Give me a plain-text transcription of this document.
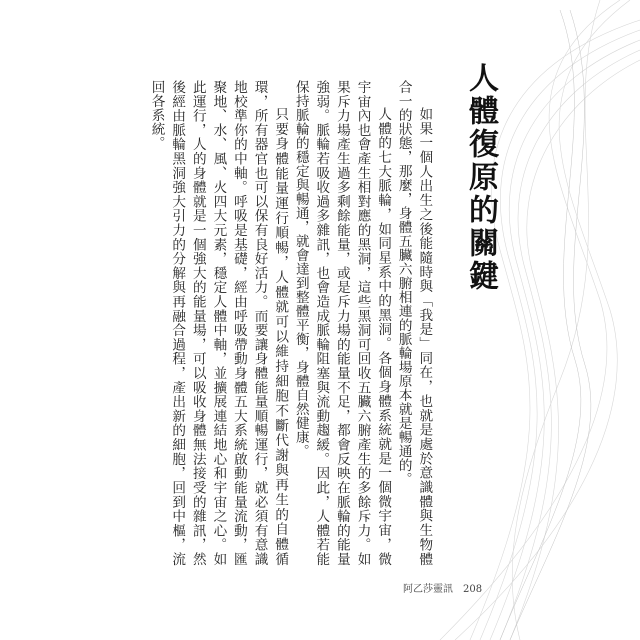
人體復原的關鍵

如果一個人出生之後能隨時與「我是」同在，也就是處於意識體與生物體合一的狀態，那麼，身體五臟六腑相連的脈輪場原本就是暢通的。

人體的七大脈輪，如同星系中的黑洞。各個身體系統就是一個微宇宙，微宇宙內也會產生相對應的黑洞，這些黑洞可回收五臟六腑產生的多餘斥力。如果斥力場產生過多剩餘能量，或是斥力場的能量不足，都會反映在脈輪的能量強弱。脈輪若吸收過多雜訊，也會造成脈輪阻塞與流動趨緩。因此，人體若能保持脈輪的穩定與暢通，就會達到整體平衡，身體自然健康。

只要身體能量運行順暢，人體就可以維持細胞不斷代謝與再生的自體循環，所有器官也可以保有良好活力。而要讓身體能量順暢運行，就必須有意識地校準你的中軸。呼吸是基礎，經由呼吸帶動身體五大系統啟動能量流動，匯聚地、水、風、火四大元素，穩定人體中軸，並擴展連結地心和宇宙之心。如此運行，人的身體就是一個強大的能量場，可以吸收身體無法接受的雜訊，然後經由脈輪黑洞強大引力的分解與再融合過程，產出新的細胞，回到中樞，流回各系統。

阿乙莎靈訊 208
